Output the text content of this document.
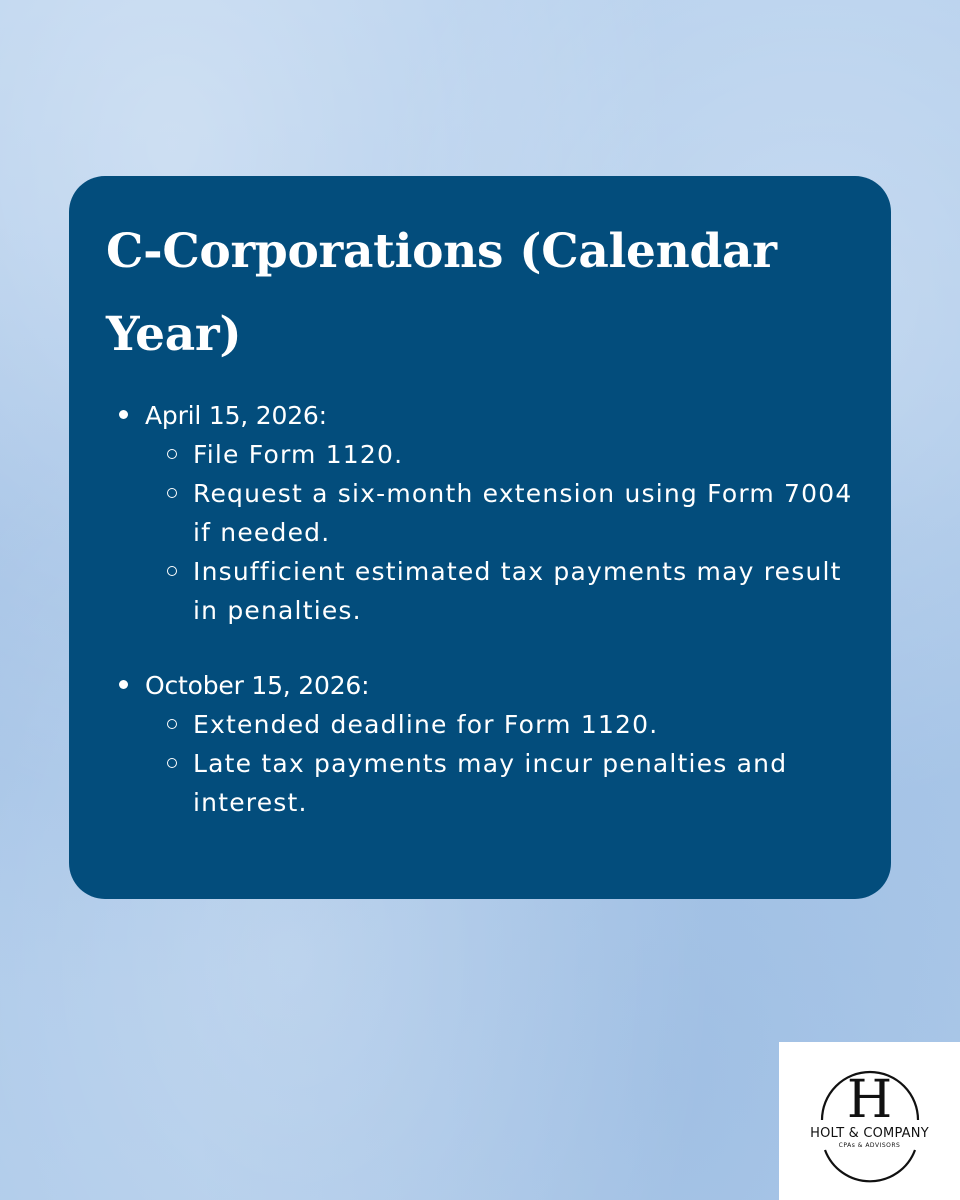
C-Corporations (Calendar Year)
April 15, 2026:
File Form 1120.
Request a six-month extension using Form 7004 if needed.
Insufficient estimated tax payments may result in penalties.
October 15, 2026:
Extended deadline for Form 1120.
Late tax payments may incur penalties and interest.
H
HOLT & COMPANY
CPAs & ADVISORS
